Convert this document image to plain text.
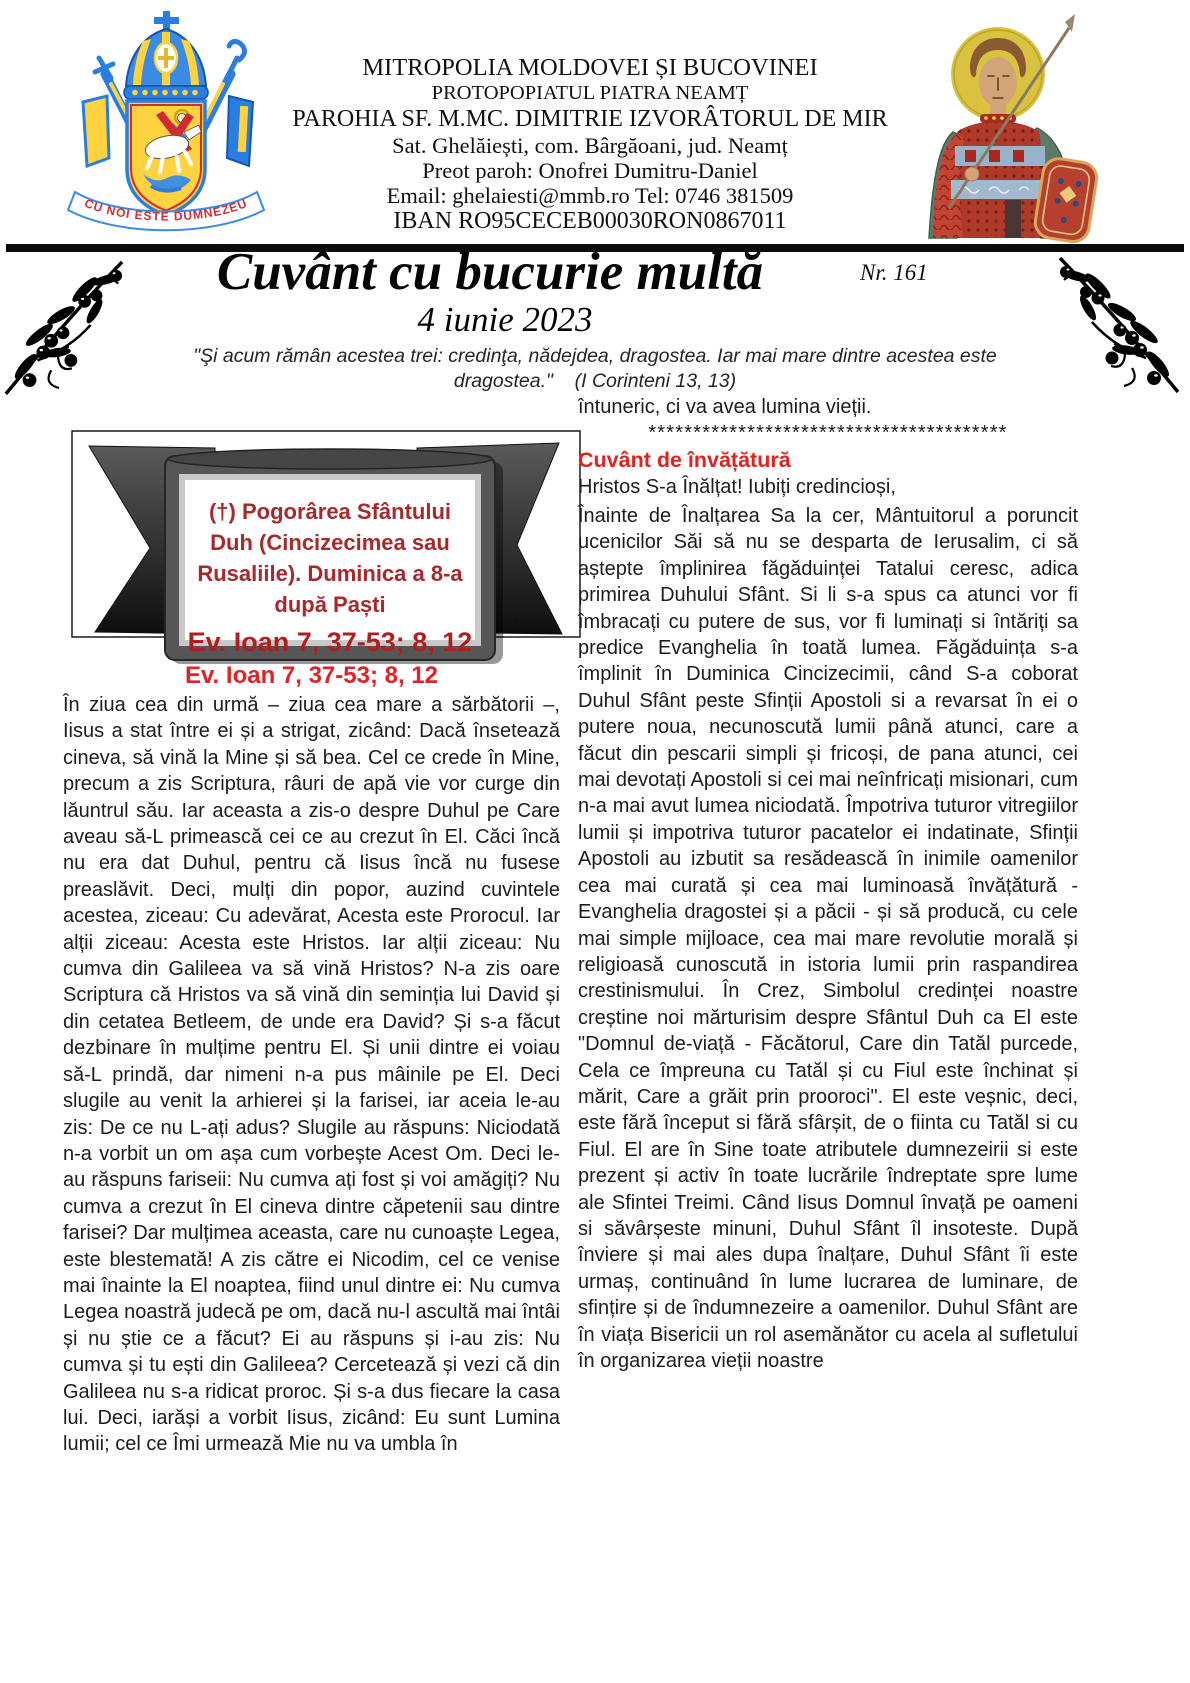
CU NOI ESTE DUMNEZEU
MITROPOLIA MOLDOVEI ȘI BUCOVINEI
PROTOPOPIATUL PIATRA NEAMȚ
PAROHIA SF. M.MC. DIMITRIE IZVORÂTORUL DE MIR
Sat. Ghelăiești, com. Bârgăoani, jud. Neamț
Preot paroh: Onofrei Dumitru-Daniel
Email: ghelaiesti@mmb.ro Tel: 0746 381509
IBAN RO95CECEB00030RON0867011
Cuvânt cu bucurie multă	Nr. 161
4 iunie 2023
"Şi acum rămân acestea trei: credinţa, nădejdea, dragostea. Iar mai mare dintre acestea este
dragostea."    (I Corinteni 13, 13)
(†) Pogorârea Sfântului Duh (Cincizecimea sau Rusaliile). Duminica a 8-a după Paști
Ev. Ioan 7, 37-53; 8, 12
În ziua cea din urmă – ziua cea mare a sărbătorii –, Iisus a stat între ei și a strigat, zicând: Dacă însetează cineva, să vină la Mine și să bea. Cel ce crede în Mine, precum a zis Scriptura, râuri de apă vie vor curge din lăuntrul său. Iar aceasta a zis-o despre Duhul pe Care aveau să-L primească cei ce au crezut în El. Căci încă nu era dat Duhul, pentru că Iisus încă nu fusese preaslăvit. Deci, mulți din popor, auzind cuvintele acestea, ziceau: Cu adevărat, Acesta este Prorocul. Iar alții ziceau: Acesta este Hristos. Iar alții ziceau: Nu cumva din Galileea va să vină Hristos? N-a zis oare Scriptura că Hristos va să vină din seminția lui David și din cetatea Betleem, de unde era David? Și s-a făcut dezbinare în mulțime pentru El. Și unii dintre ei voiau să-L prindă, dar nimeni n-a pus mâinile pe El. Deci slugile au venit la arhierei și la farisei, iar aceia le-au zis: De ce nu L-ați adus? Slugile au răspuns: Niciodată n-a vorbit un om așa cum vorbește Acest Om. Deci le-au răspuns fariseii: Nu cumva ați fost și voi amăgiți? Nu cumva a crezut în El cineva dintre căpetenii sau dintre farisei? Dar mulțimea aceasta, care nu cunoaște Legea, este blestemată! A zis către ei Nicodim, cel ce venise mai înainte la El noaptea, fiind unul dintre ei: Nu cumva Legea noastră judecă pe om, dacă nu-l ascultă mai întâi și nu știe ce a făcut? Ei au răspuns și i-au zis: Nu cumva și tu ești din Galileea? Cercetează și vezi că din Galileea nu s-a ridicat proroc. Și s-a dus fiecare la casa lui. Deci, iarăși a vorbit Iisus, zicând: Eu sunt Lumina lumii; cel ce Îmi urmează Mie nu va umbla în
întuneric, ci va avea lumina vieții.
****************************************
Cuvânt de învățătură
Hristos S-a Înălțat! Iubiți credincioși,
Înainte de Înalțarea Sa la cer, Mântuitorul a poruncit ucenicilor Săi să nu se desparta de Ierusalim, ci să aștepte împlinirea făgăduinței Tatalui ceresc, adica primirea Duhului Sfânt. Si li s-a spus ca atunci vor fi îmbracați cu putere de sus, vor fi luminați si întăriți sa predice Evanghelia în toată lumea. Făgăduința s-a împlinit în Duminica Cincizecimii, când S-a coborat Duhul Sfânt peste Sfinții Apostoli si a revarsat în ei o putere noua, necunoscută lumii până atunci, care a făcut din pescarii simpli și fricoși, de pana atunci, cei mai devotați Apostoli si cei mai neînfricați misionari, cum n-a mai avut lumea niciodată. Împotriva tuturor vitregiilor lumii și impotriva tuturor pacatelor ei indatinate, Sfinții Apostoli au izbutit sa resădească în inimile oamenilor cea mai curată și cea mai luminoasă învățătură - Evanghelia dragostei și a păcii - și să producă, cu cele mai simple mijloace, cea mai mare revolutie morală și religioasă cunoscută in istoria lumii prin raspandirea crestinismului. În Crez, Simbolul credinței noastre creștine noi mărturisim despre Sfântul Duh ca El este "Domnul de-viață - Făcătorul, Care din Tatăl purcede, Cela ce împreuna cu Tatăl și cu Fiul este închinat și mărit, Care a grăit prin prooroci". El este veșnic, deci, este fără început si fără sfârșit, de o fiinta cu Tatăl si cu Fiul. El are în Sine toate atributele dumnezeirii si este prezent și activ în toate lucrările îndreptate spre lume ale Sfintei Treimi. Când Iisus Domnul învață pe oameni si săvârșeste minuni, Duhul Sfânt îl insoteste. După înviere și mai ales dupa înalțare, Duhul Sfânt îi este urmaș, continuând în lume lucrarea de luminare, de sfințire și de îndumnezeire a oamenilor. Duhul Sfânt are în viața Bisericii un rol asemănător cu acela al sufletului în organizarea vieții noastre
